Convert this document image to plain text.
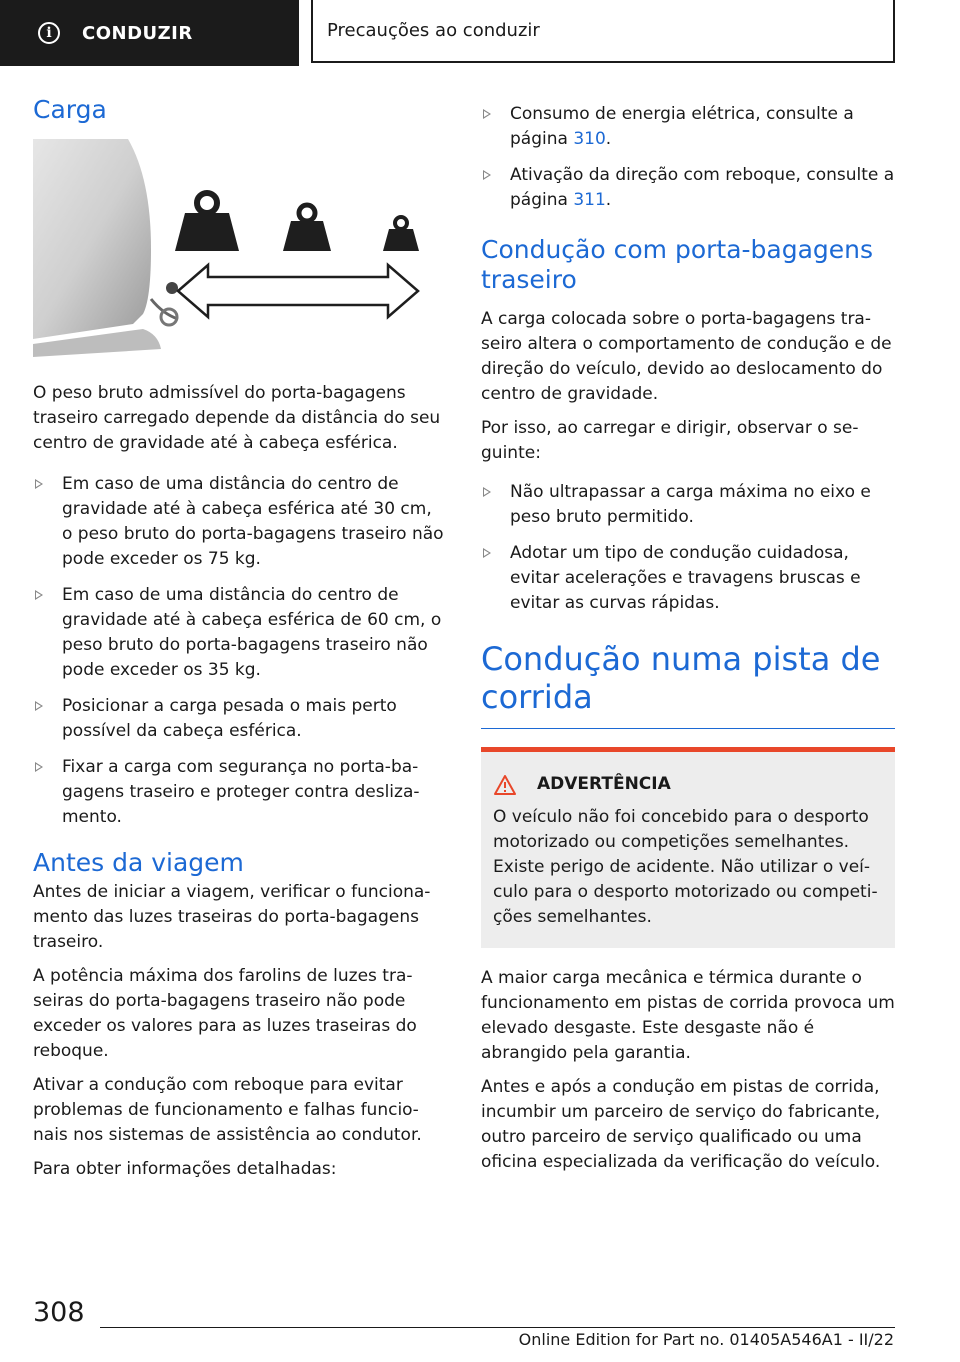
i	CONDUZIR	Precauções ao conduzir
Carga

O peso bruto admissível do porta-bagagens traseiro carregado depende da distância do seu centro de gravidade até à cabeça esférica.

Em caso de uma distância do centro de gravidade até à cabeça esférica até 30 cm, o peso bruto do porta-bagagens traseiro não pode exceder os 75 kg.
Em caso de uma distância do centro de gravidade até à cabeça esférica de 60 cm, o peso bruto do porta-bagagens traseiro não pode exceder os 35 kg.
Posicionar a carga pesada o mais perto possível da cabeça esférica.
Fixar a carga com segurança no porta-bagagens traseiro e proteger contra deslizamento.
Antes da viagem

Antes de iniciar a viagem, verificar o funcionamento das luzes traseiras do porta-bagagens traseiro.

A potência máxima dos farolins de luzes traseiras do porta-bagagens traseiro não pode exceder os valores para as luzes traseiras do reboque.

Ativar a condução com reboque para evitar problemas de funcionamento e falhas funcionais nos sistemas de assistência ao condutor.

Para obter informações detalhadas:

Consumo de energia elétrica, consulte a página 310.
Ativação da direção com reboque, consulte a página 311.
Condução com porta-bagagens traseiro

A carga colocada sobre o porta-bagagens traseiro altera o comportamento de condução e de direção do veículo, devido ao deslocamento do centro de gravidade.

Por isso, ao carregar e dirigir, observar o seguinte:

Não ultrapassar a carga máxima no eixo e peso bruto permitido.
Adotar um tipo de condução cuidadosa, evitar acelerações e travagens bruscas e evitar as curvas rápidas.
Condução numa pista de corrida
ADVERTÊNCIA
O veículo não foi concebido para o desporto motorizado ou competições semelhantes. Existe perigo de acidente. Não utilizar o veículo para o desporto motorizado ou competições semelhantes.

A maior carga mecânica e térmica durante o funcionamento em pistas de corrida provoca um elevado desgaste. Este desgaste não é abrangido pela garantia.

Antes e após a condução em pistas de corrida, incumbir um parceiro de serviço do fabricante, outro parceiro de serviço qualificado ou uma oficina especializada da verificação do veículo.

308
Online Edition for Part no. 01405A546A1 - II/22
